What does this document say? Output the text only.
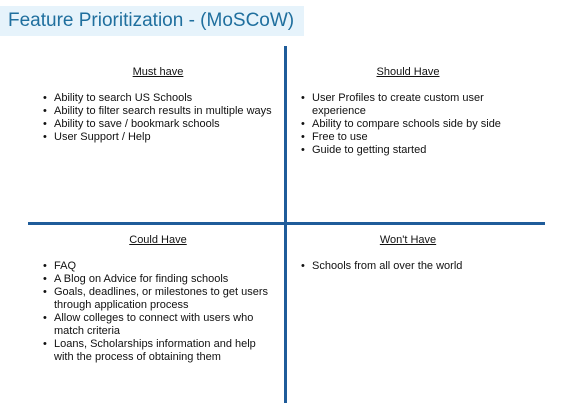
Feature Prioritization - (MoSCoW)
Must have
• Ability to search US Schools
• Ability to filter search results in multiple ways
• Ability to save / bookmark schools
• User Support / Help
Should Have
• User Profiles to create custom user experience
• Ability to compare schools side by side
• Free to use
• Guide to getting started
Could Have
• FAQ
• A Blog on Advice for finding schools
• Goals, deadlines, or milestones to get users through application process
• Allow colleges to connect with users who match criteria
• Loans, Scholarships information and help with the process of obtaining them
Won't Have
• Schools from all over the world
